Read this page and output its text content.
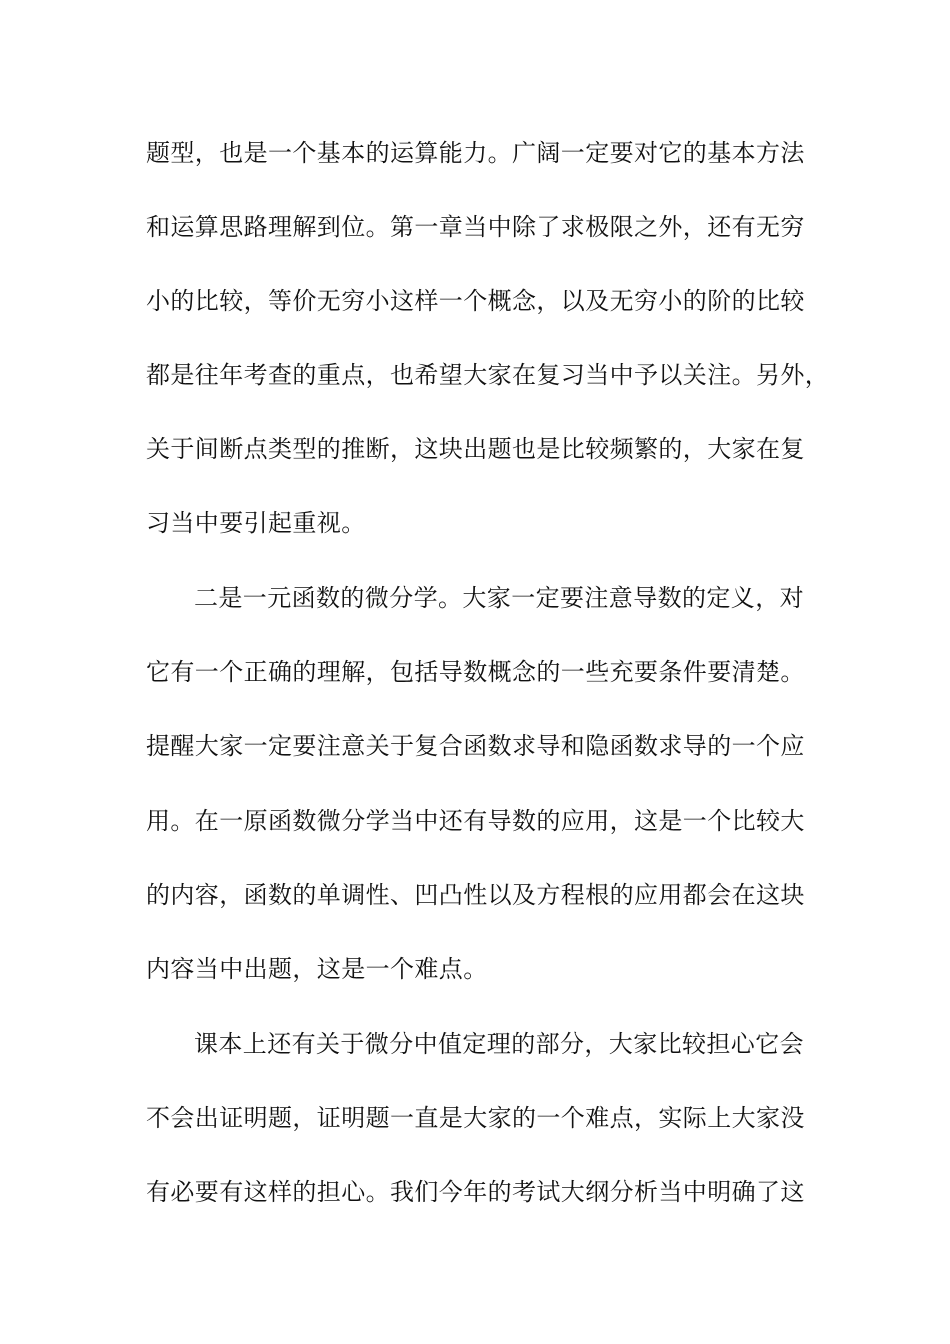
题型，也是一个基本的运算能力。广阔一定要对它的基本方法
和运算思路理解到位。第一章当中除了求极限之外，还有无穷
小的比较，等价无穷小这样一个概念，以及无穷小的阶的比较
都是往年考查的重点，也希望大家在复习当中予以关注。另外，
关于间断点类型的推断，这块出题也是比较频繁的，大家在复
习当中要引起重视。
二是一元函数的微分学。大家一定要注意导数的定义，对
它有一个正确的理解，包括导数概念的一些充要条件要清楚。
提醒大家一定要注意关于复合函数求导和隐函数求导的一个应
用。在一原函数微分学当中还有导数的应用，这是一个比较大
的内容，函数的单调性、凹凸性以及方程根的应用都会在这块
内容当中出题，这是一个难点。
课本上还有关于微分中值定理的部分，大家比较担心它会
不会出证明题，证明题一直是大家的一个难点，实际上大家没
有必要有这样的担心。我们今年的考试大纲分析当中明确了这
